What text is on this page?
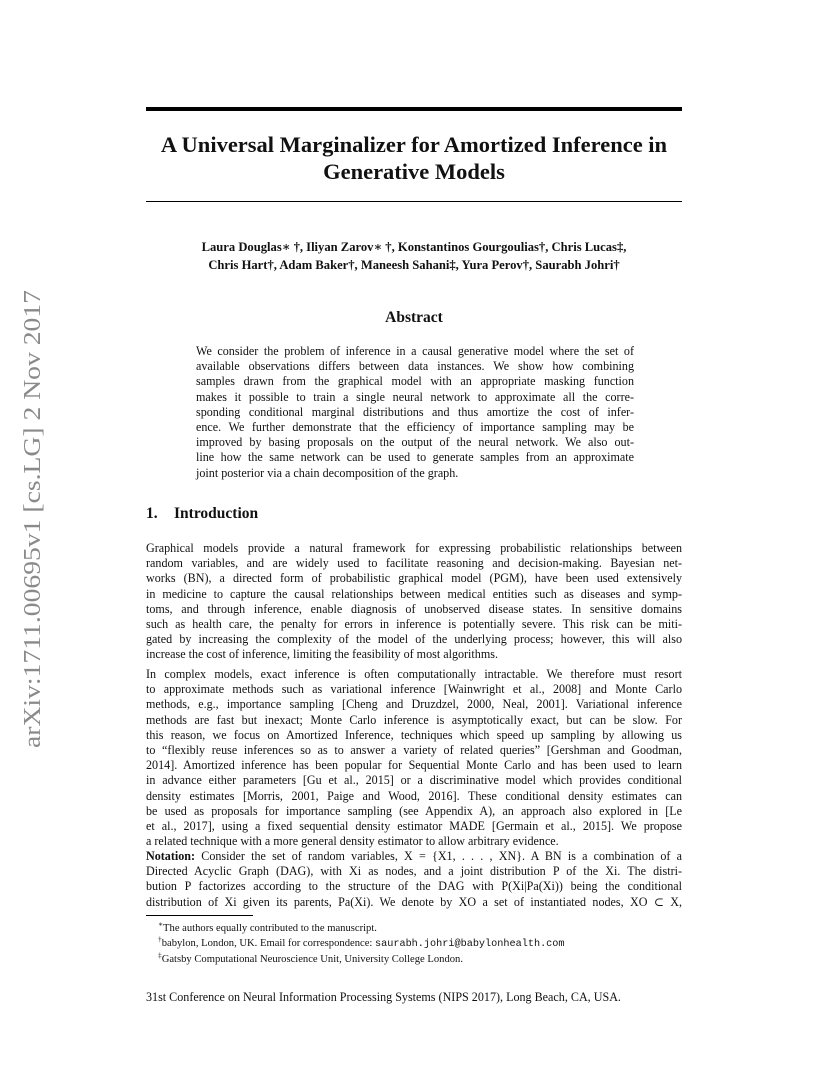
arXiv:1711.00695v1 [cs.LG] 2 Nov 2017
A Universal Marginalizer for Amortized Inference in
Generative Models
Laura Douglas∗ †, Iliyan Zarov∗ †, Konstantinos Gourgoulias†, Chris Lucas‡,
Chris Hart†, Adam Baker†, Maneesh Sahani‡, Yura Perov†, Saurabh Johri†
Abstract
We consider the problem of inference in a causal generative model where the set of
available observations differs between data instances. We show how combining
samples drawn from the graphical model with an appropriate masking function
makes it possible to train a single neural network to approximate all the corre-
sponding conditional marginal distributions and thus amortize the cost of infer-
ence. We further demonstrate that the efficiency of importance sampling may be
improved by basing proposals on the output of the neural network. We also out-
line how the same network can be used to generate samples from an approximate
joint posterior via a chain decomposition of the graph.
1. Introduction
Graphical models provide a natural framework for expressing probabilistic relationships between
random variables, and are widely used to facilitate reasoning and decision-making. Bayesian net-
works (BN), a directed form of probabilistic graphical model (PGM), have been used extensively
in medicine to capture the causal relationships between medical entities such as diseases and symp-
toms, and through inference, enable diagnosis of unobserved disease states. In sensitive domains
such as health care, the penalty for errors in inference is potentially severe. This risk can be miti-
gated by increasing the complexity of the model of the underlying process; however, this will also
increase the cost of inference, limiting the feasibility of most algorithms.
In complex models, exact inference is often computationally intractable. We therefore must resort
to approximate methods such as variational inference [Wainwright et al., 2008] and Monte Carlo
methods, e.g., importance sampling [Cheng and Druzdzel, 2000, Neal, 2001]. Variational inference
methods are fast but inexact; Monte Carlo inference is asymptotically exact, but can be slow. For
this reason, we focus on Amortized Inference, techniques which speed up sampling by allowing us
to “flexibly reuse inferences so as to answer a variety of related queries” [Gershman and Goodman,
2014]. Amortized inference has been popular for Sequential Monte Carlo and has been used to learn
in advance either parameters [Gu et al., 2015] or a discriminative model which provides conditional
density estimates [Morris, 2001, Paige and Wood, 2016]. These conditional density estimates can
be used as proposals for importance sampling (see Appendix A), an approach also explored in [Le
et al., 2017], using a fixed sequential density estimator MADE [Germain et al., 2015]. We propose
a related technique with a more general density estimator to allow arbitrary evidence.
Notation: Consider the set of random variables, X = {X1, . . . , XN}. A BN is a combination of a
Directed Acyclic Graph (DAG), with Xi as nodes, and a joint distribution P of the Xi. The distri-
bution P factorizes according to the structure of the DAG with P(Xi|Pa(Xi)) being the conditional
distribution of Xi given its parents, Pa(Xi). We denote by XO a set of instantiated nodes, XO ⊂ X,
∗The authors equally contributed to the manuscript.
†babylon, London, UK. Email for correspondence: saurabh.johri@babylonhealth.com
‡Gatsby Computational Neuroscience Unit, University College London.
31st Conference on Neural Information Processing Systems (NIPS 2017), Long Beach, CA, USA.
